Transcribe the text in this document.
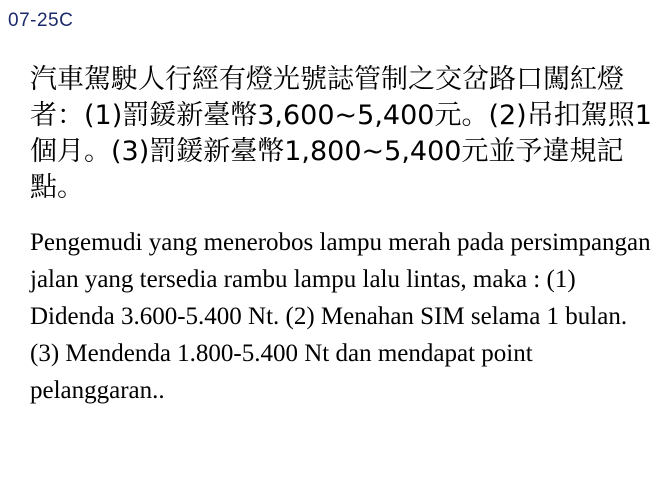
07-25C

汽車駕駛人行經有燈光號誌管制之交岔路口闖紅燈者：(1)罰鍰新臺幣3,600~5,400元。(2)吊扣駕照1個月。(3)罰鍰新臺幣1,800~5,400元並予違規記點。

Pengemudi yang menerobos lampu merah pada persimpangan jalan yang tersedia rambu lampu lalu lintas, maka : (1) Didenda 3.600-5.400 Nt. (2) Menahan SIM selama 1 bulan. (3) Mendenda 1.800-5.400 Nt dan mendapat point pelanggaran..
